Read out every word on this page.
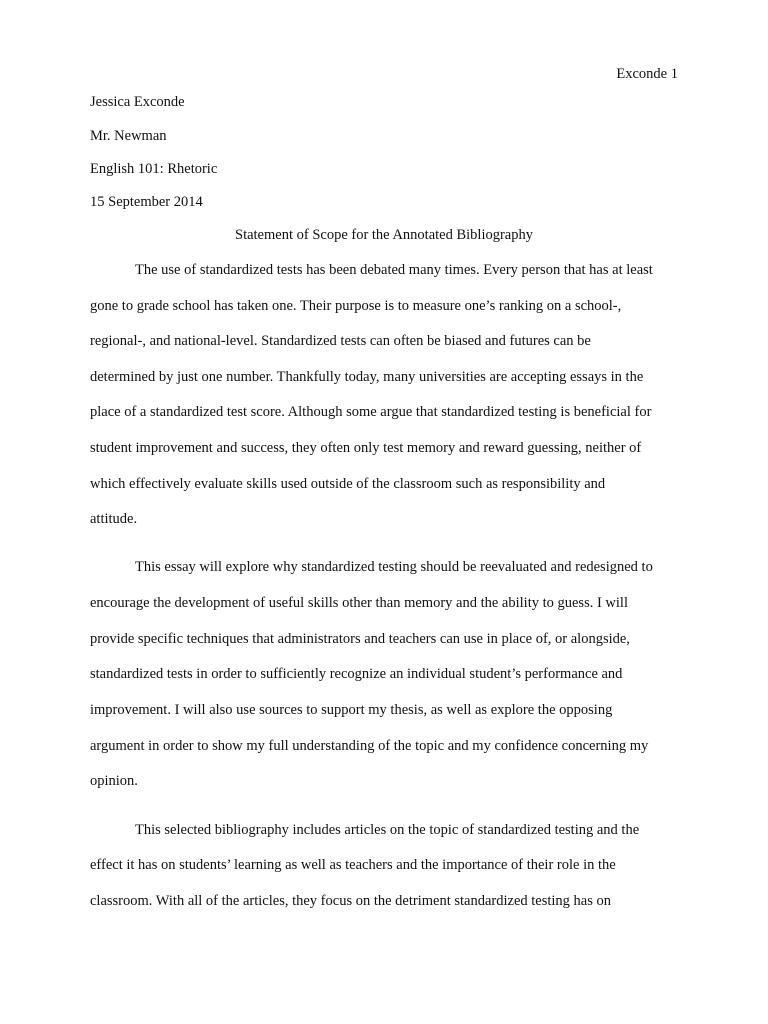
Exconde 1
Jessica Exconde
Mr. Newman
English 101: Rhetoric
15 September 2014
Statement of Scope for the Annotated Bibliography
The use of standardized tests has been debated many times. Every person that has at least
gone to grade school has taken one. Their purpose is to measure one’s ranking on a school-,
regional-, and national-level. Standardized tests can often be biased and futures can be
determined by just one number. Thankfully today, many universities are accepting essays in the
place of a standardized test score. Although some argue that standardized testing is beneficial for
student improvement and success, they often only test memory and reward guessing, neither of
which effectively evaluate skills used outside of the classroom such as responsibility and
attitude.
This essay will explore why standardized testing should be reevaluated and redesigned to
encourage the development of useful skills other than memory and the ability to guess. I will
provide specific techniques that administrators and teachers can use in place of, or alongside,
standardized tests in order to sufficiently recognize an individual student’s performance and
improvement. I will also use sources to support my thesis, as well as explore the opposing
argument in order to show my full understanding of the topic and my confidence concerning my
opinion.
This selected bibliography includes articles on the topic of standardized testing and the
effect it has on students’ learning as well as teachers and the importance of their role in the
classroom. With all of the articles, they focus on the detriment standardized testing has on
